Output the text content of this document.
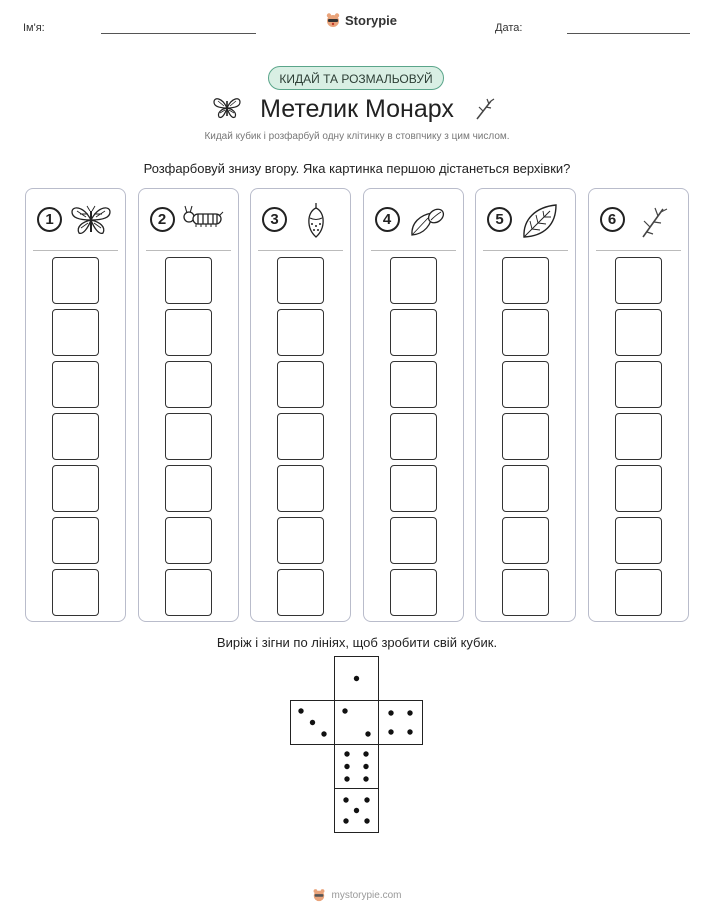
Ім'я:
Storypie
Дата:
КИДАЙ ТА РОЗМАЛЬОВУЙ
Метелик Монарх
Кидай кубик і розфарбуй одну клітинку в стовпчику з цим числом.
Розфарбовуй знизу вгору. Яка картинка першою дістанеться верхівки?
1	2	3	4	5	6
Виріж і зігни по лініях, щоб зробити свій кубик.
mystorypie.com
